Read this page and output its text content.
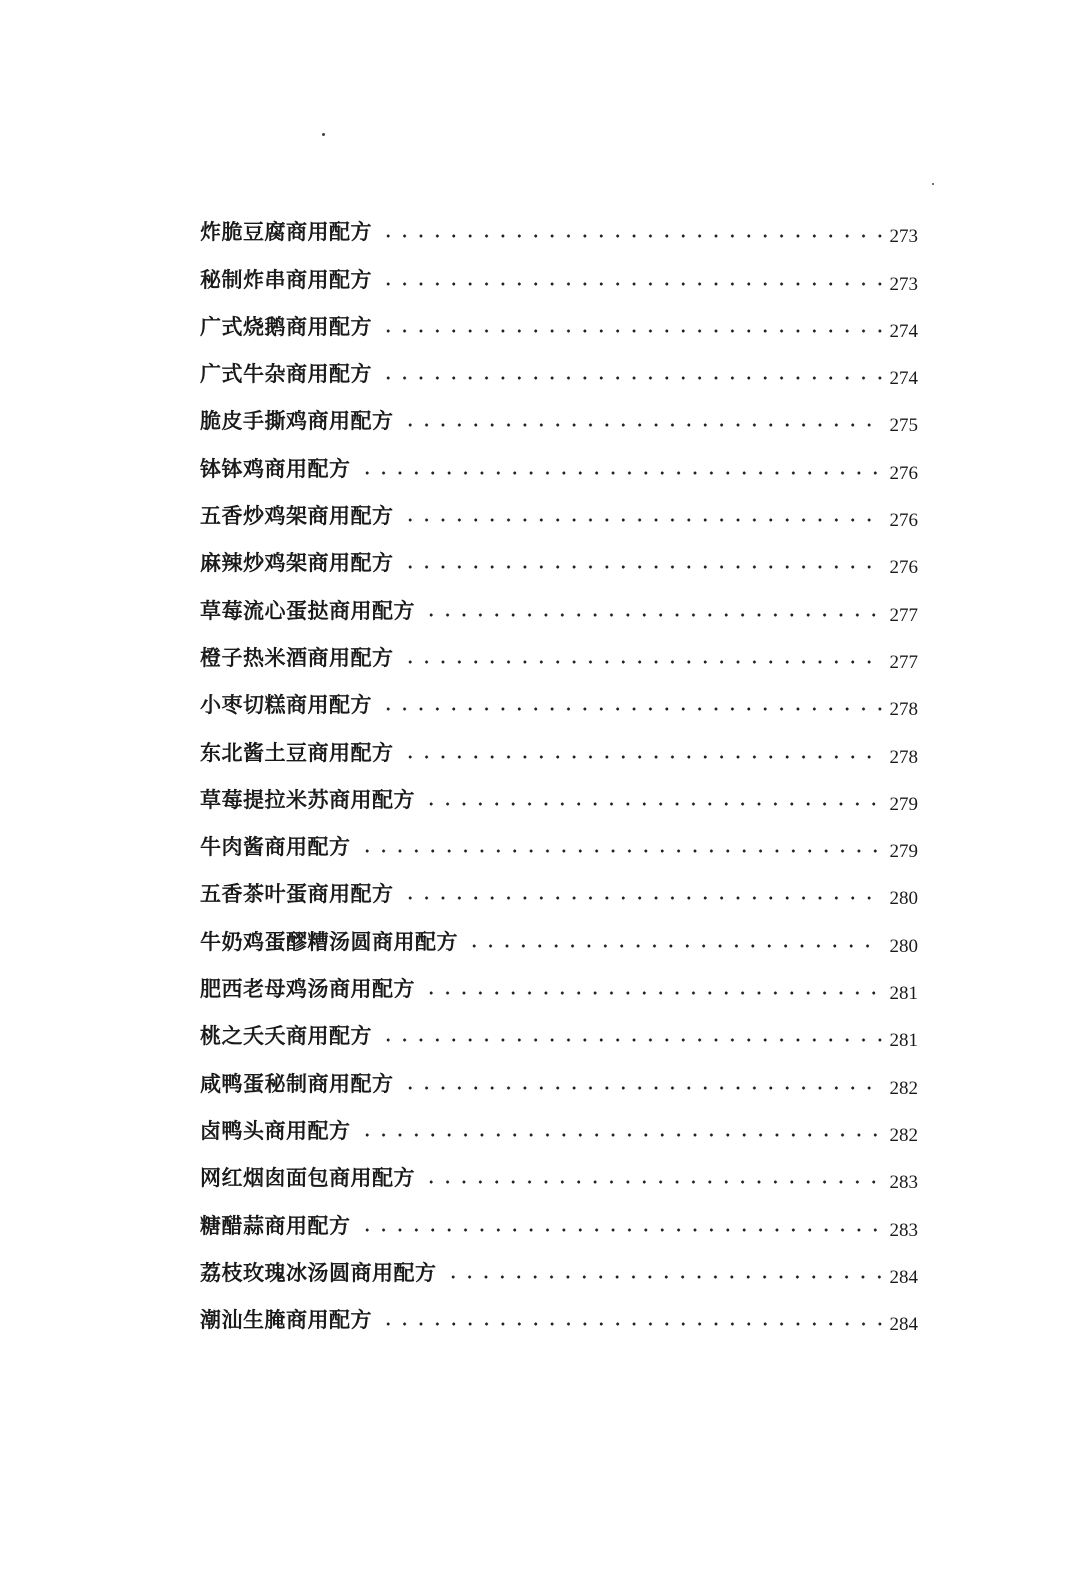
炸脆豆腐商用配方	273
秘制炸串商用配方	273
广式烧鹅商用配方	274
广式牛杂商用配方	274
脆皮手撕鸡商用配方	275
钵钵鸡商用配方	276
五香炒鸡架商用配方	276
麻辣炒鸡架商用配方	276
草莓流心蛋挞商用配方	277
橙子热米酒商用配方	277
小枣切糕商用配方	278
东北酱土豆商用配方	278
草莓提拉米苏商用配方	279
牛肉酱商用配方	279
五香茶叶蛋商用配方	280
牛奶鸡蛋醪糟汤圆商用配方	280
肥西老母鸡汤商用配方	281
桃之夭夭商用配方	281
咸鸭蛋秘制商用配方	282
卤鸭头商用配方	282
网红烟囱面包商用配方	283
糖醋蒜商用配方	283
荔枝玫瑰冰汤圆商用配方	284
潮汕生腌商用配方	284
